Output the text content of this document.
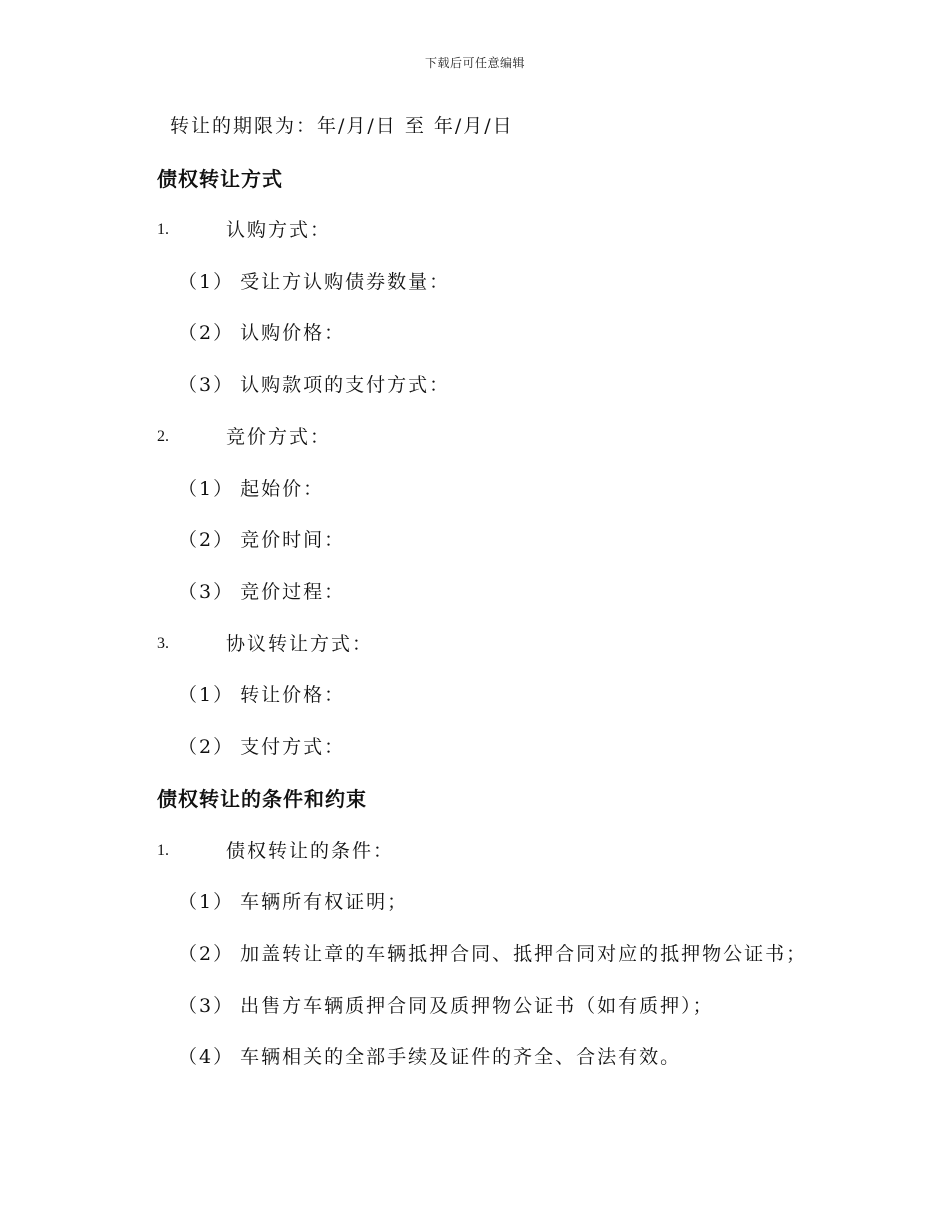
下载后可任意编辑
转让的期限为：年/月/日 至 年/月/日
债权转让方式
1.	认购方式：
（1） 受让方认购债券数量：
（2） 认购价格：
（3） 认购款项的支付方式：
2.	竞价方式：
（1） 起始价：
（2） 竞价时间：
（3） 竞价过程：
3.	协议转让方式：
（1） 转让价格：
（2） 支付方式：
债权转让的条件和约束
1.	债权转让的条件：
（1） 车辆所有权证明；
（2） 加盖转让章的车辆抵押合同、抵押合同对应的抵押物公证书；
（3） 出售方车辆质押合同及质押物公证书（如有质押）；
（4） 车辆相关的全部手续及证件的齐全、合法有效。
